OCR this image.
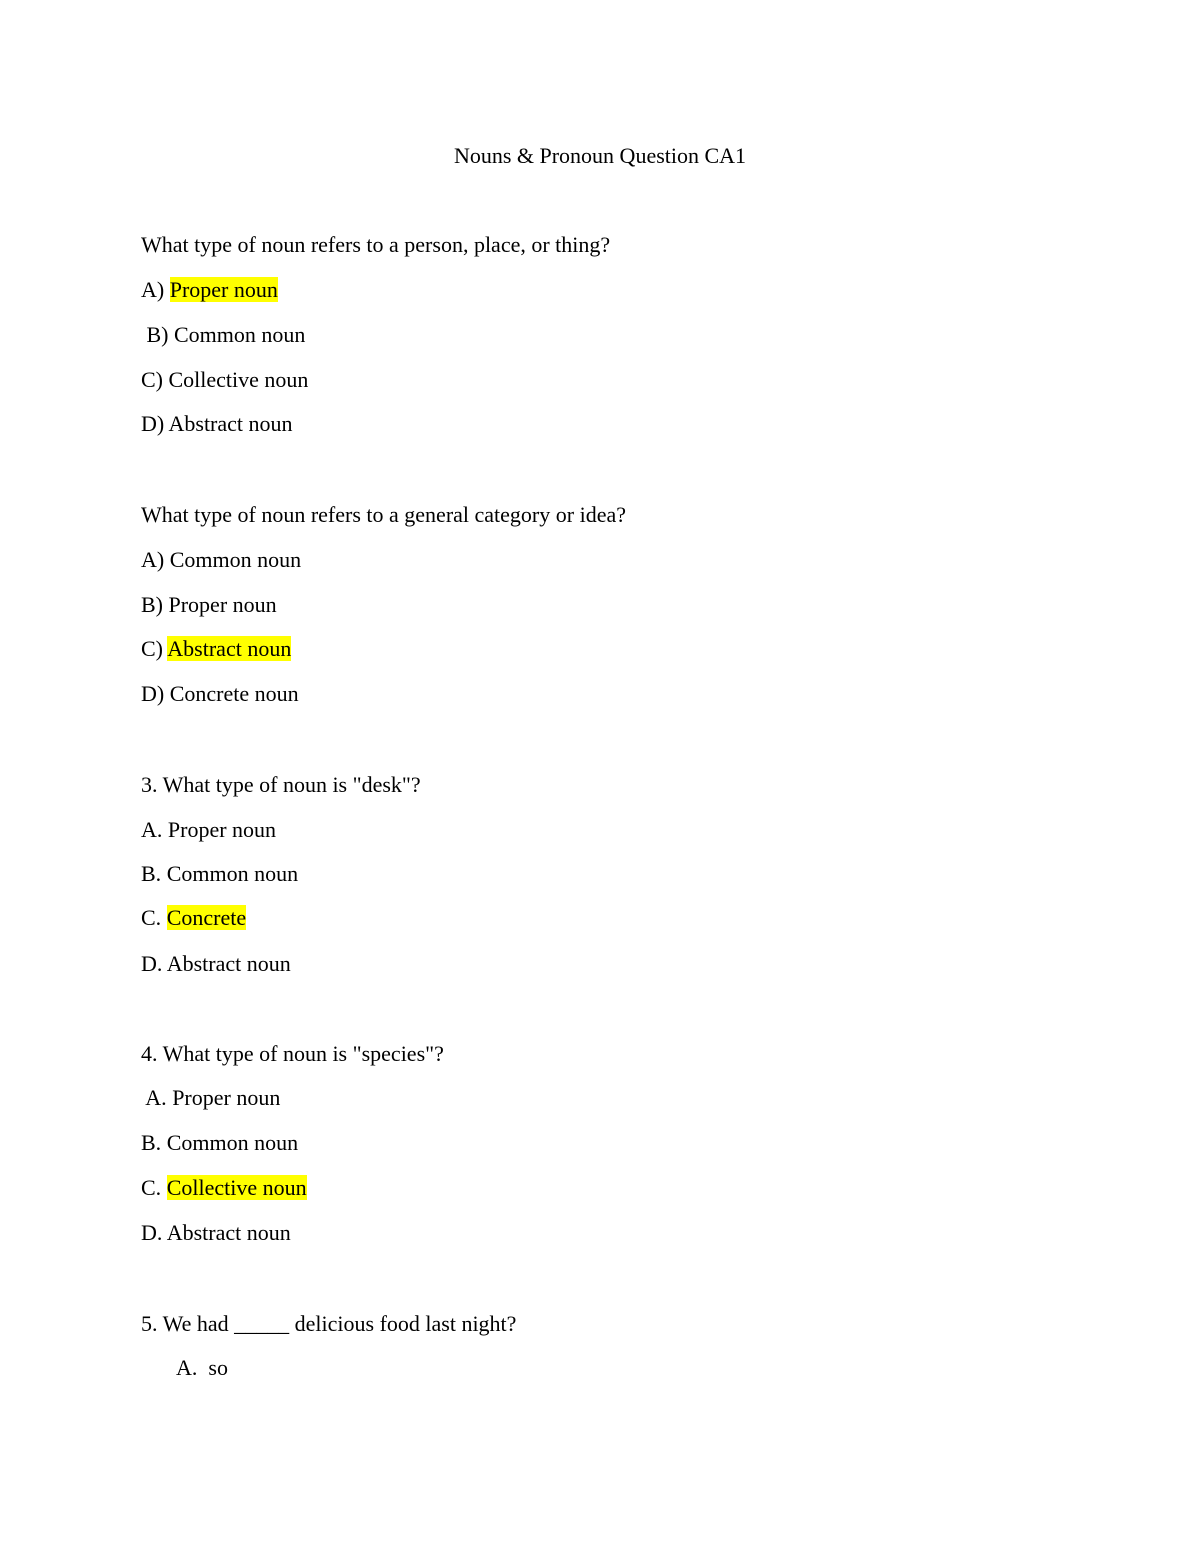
Nouns & Pronoun Question CA1
What type of noun refers to a person, place, or thing?
A) Proper noun
B) Common noun
C) Collective noun
D) Abstract noun
What type of noun refers to a general category or idea?
A) Common noun
B) Proper noun
C) Abstract noun
D) Concrete noun
3. What type of noun is "desk"?
A. Proper noun
B. Common noun
C. Concrete
D. Abstract noun
4. What type of noun is "species"?
A. Proper noun
B. Common noun
C. Collective noun
D. Abstract noun
5. We had _____ delicious food last night?
A.  so
